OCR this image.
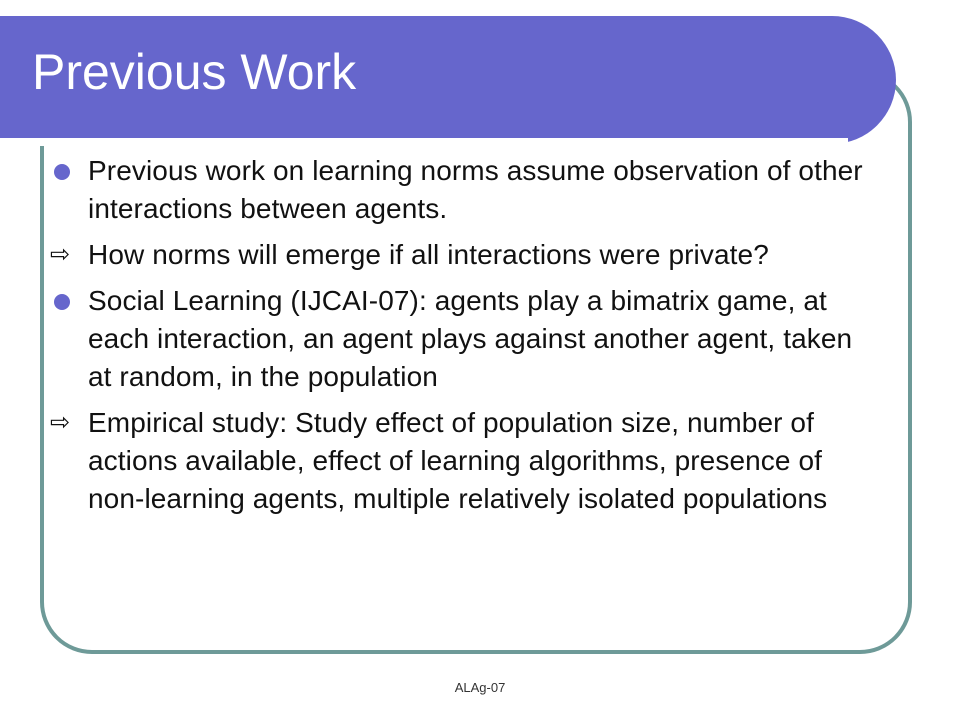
Previous Work

Previous work on learning norms assume observation of other interactions between agents.

⇨ How norms will emerge if all interactions were private?

Social Learning (IJCAI-07): agents play a bimatrix game, at each interaction, an agent plays against another agent, taken at random, in the population

⇨ Empirical study: Study effect of population size, number of actions available, effect of learning algorithms, presence of non-learning agents, multiple relatively isolated populations

ALAg-07
